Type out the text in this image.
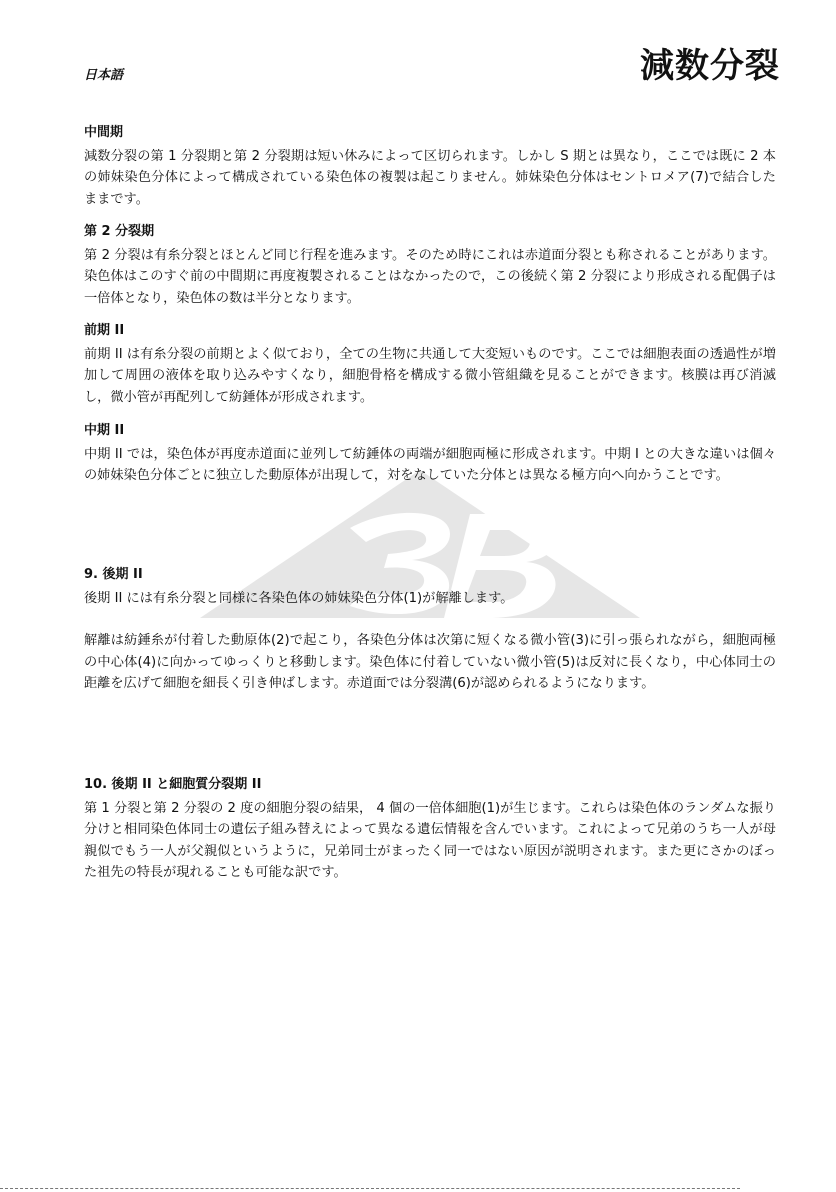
日本語	減数分裂
中間期

減数分裂の第 1 分裂期と第 2 分裂期は短い休みによって区切られます。しかし S 期とは異なり，ここでは既に 2 本の姉妹染色分体によって構成されている染色体の複製は起こりません。姉妹染色分体はセントロメア(7)で結合したままです。

第 2 分裂期

第 2 分裂は有糸分裂とほとんど同じ行程を進みます。そのため時にこれは赤道面分裂とも称されることがあります。染色体はこのすぐ前の中間期に再度複製されることはなかったので，この後続く第 2 分裂により形成される配偶子は一倍体となり，染色体の数は半分となります。

前期 II

前期 II は有糸分裂の前期とよく似ており，全ての生物に共通して大変短いものです。ここでは細胞表面の透過性が増加して周囲の液体を取り込みやすくなり，細胞骨格を構成する微小管組織を見ることができます。核膜は再び消滅し，微小管が再配列して紡錘体が形成されます。

中期 II

中期 II では，染色体が再度赤道面に並列して紡錘体の両端が細胞両極に形成されます。中期 I との大きな違いは個々の姉妹染色分体ごとに独立した動原体が出現して，対をなしていた分体とは異なる極方向へ向かうことです。

9. 後期 II

後期 II には有糸分裂と同様に各染色体の姉妹染色分体(1)が解離します。

解離は紡錘糸が付着した動原体(2)で起こり，各染色分体は次第に短くなる微小管(3)に引っ張られながら，細胞両極の中心体(4)に向かってゆっくりと移動します。染色体に付着していない微小管(5)は反対に長くなり，中心体同士の距離を広げて細胞を細長く引き伸ばします。赤道面では分裂溝(6)が認められるようになります。

10. 後期 II と細胞質分裂期 II

第 1 分裂と第 2 分裂の 2 度の細胞分裂の結果， 4 個の一倍体細胞(1)が生じます。これらは染色体のランダムな振り分けと相同染色体同士の遺伝子組み替えによって異なる遺伝情報を含んでいます。これによって兄弟のうち一人が母親似でもう一人が父親似というように，兄弟同士がまったく同一ではない原因が説明されます。また更にさかのぼった祖先の特長が現れることも可能な訳です。
